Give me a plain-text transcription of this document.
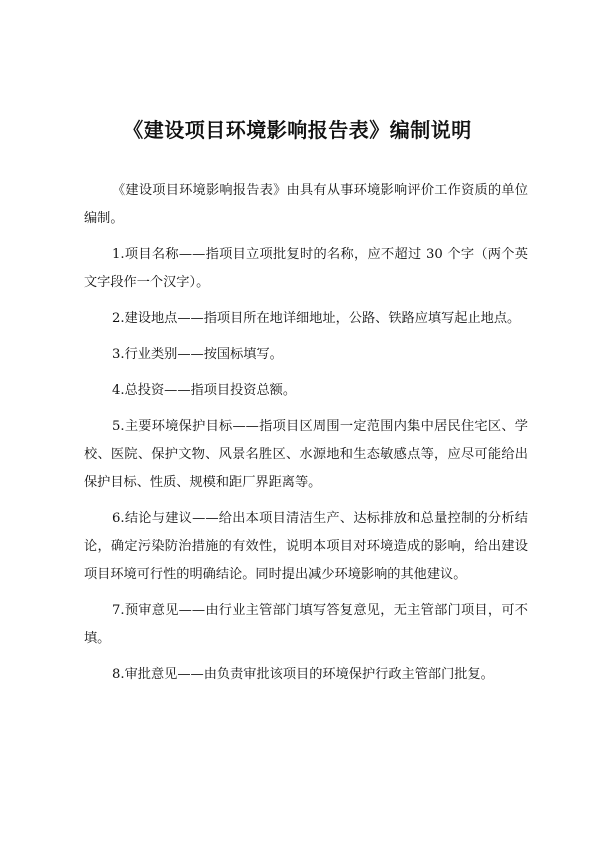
《建设项目环境影响报告表》编制说明

《建设项目环境影响报告表》由具有从事环境影响评价工作资质的单位编制。

1.项目名称——指项目立项批复时的名称，应不超过 30 个字（两个英文字段作一个汉字）。

2.建设地点——指项目所在地详细地址，公路、铁路应填写起止地点。

3.行业类别——按国标填写。

4.总投资——指项目投资总额。

5.主要环境保护目标——指项目区周围一定范围内集中居民住宅区、学校、医院、保护文物、风景名胜区、水源地和生态敏感点等，应尽可能给出保护目标、性质、规模和距厂界距离等。

6.结论与建议——给出本项目清洁生产、达标排放和总量控制的分析结论，确定污染防治措施的有效性，说明本项目对环境造成的影响，给出建设项目环境可行性的明确结论。同时提出减少环境影响的其他建议。

7.预审意见——由行业主管部门填写答复意见，无主管部门项目，可不填。

8.审批意见——由负责审批该项目的环境保护行政主管部门批复。
